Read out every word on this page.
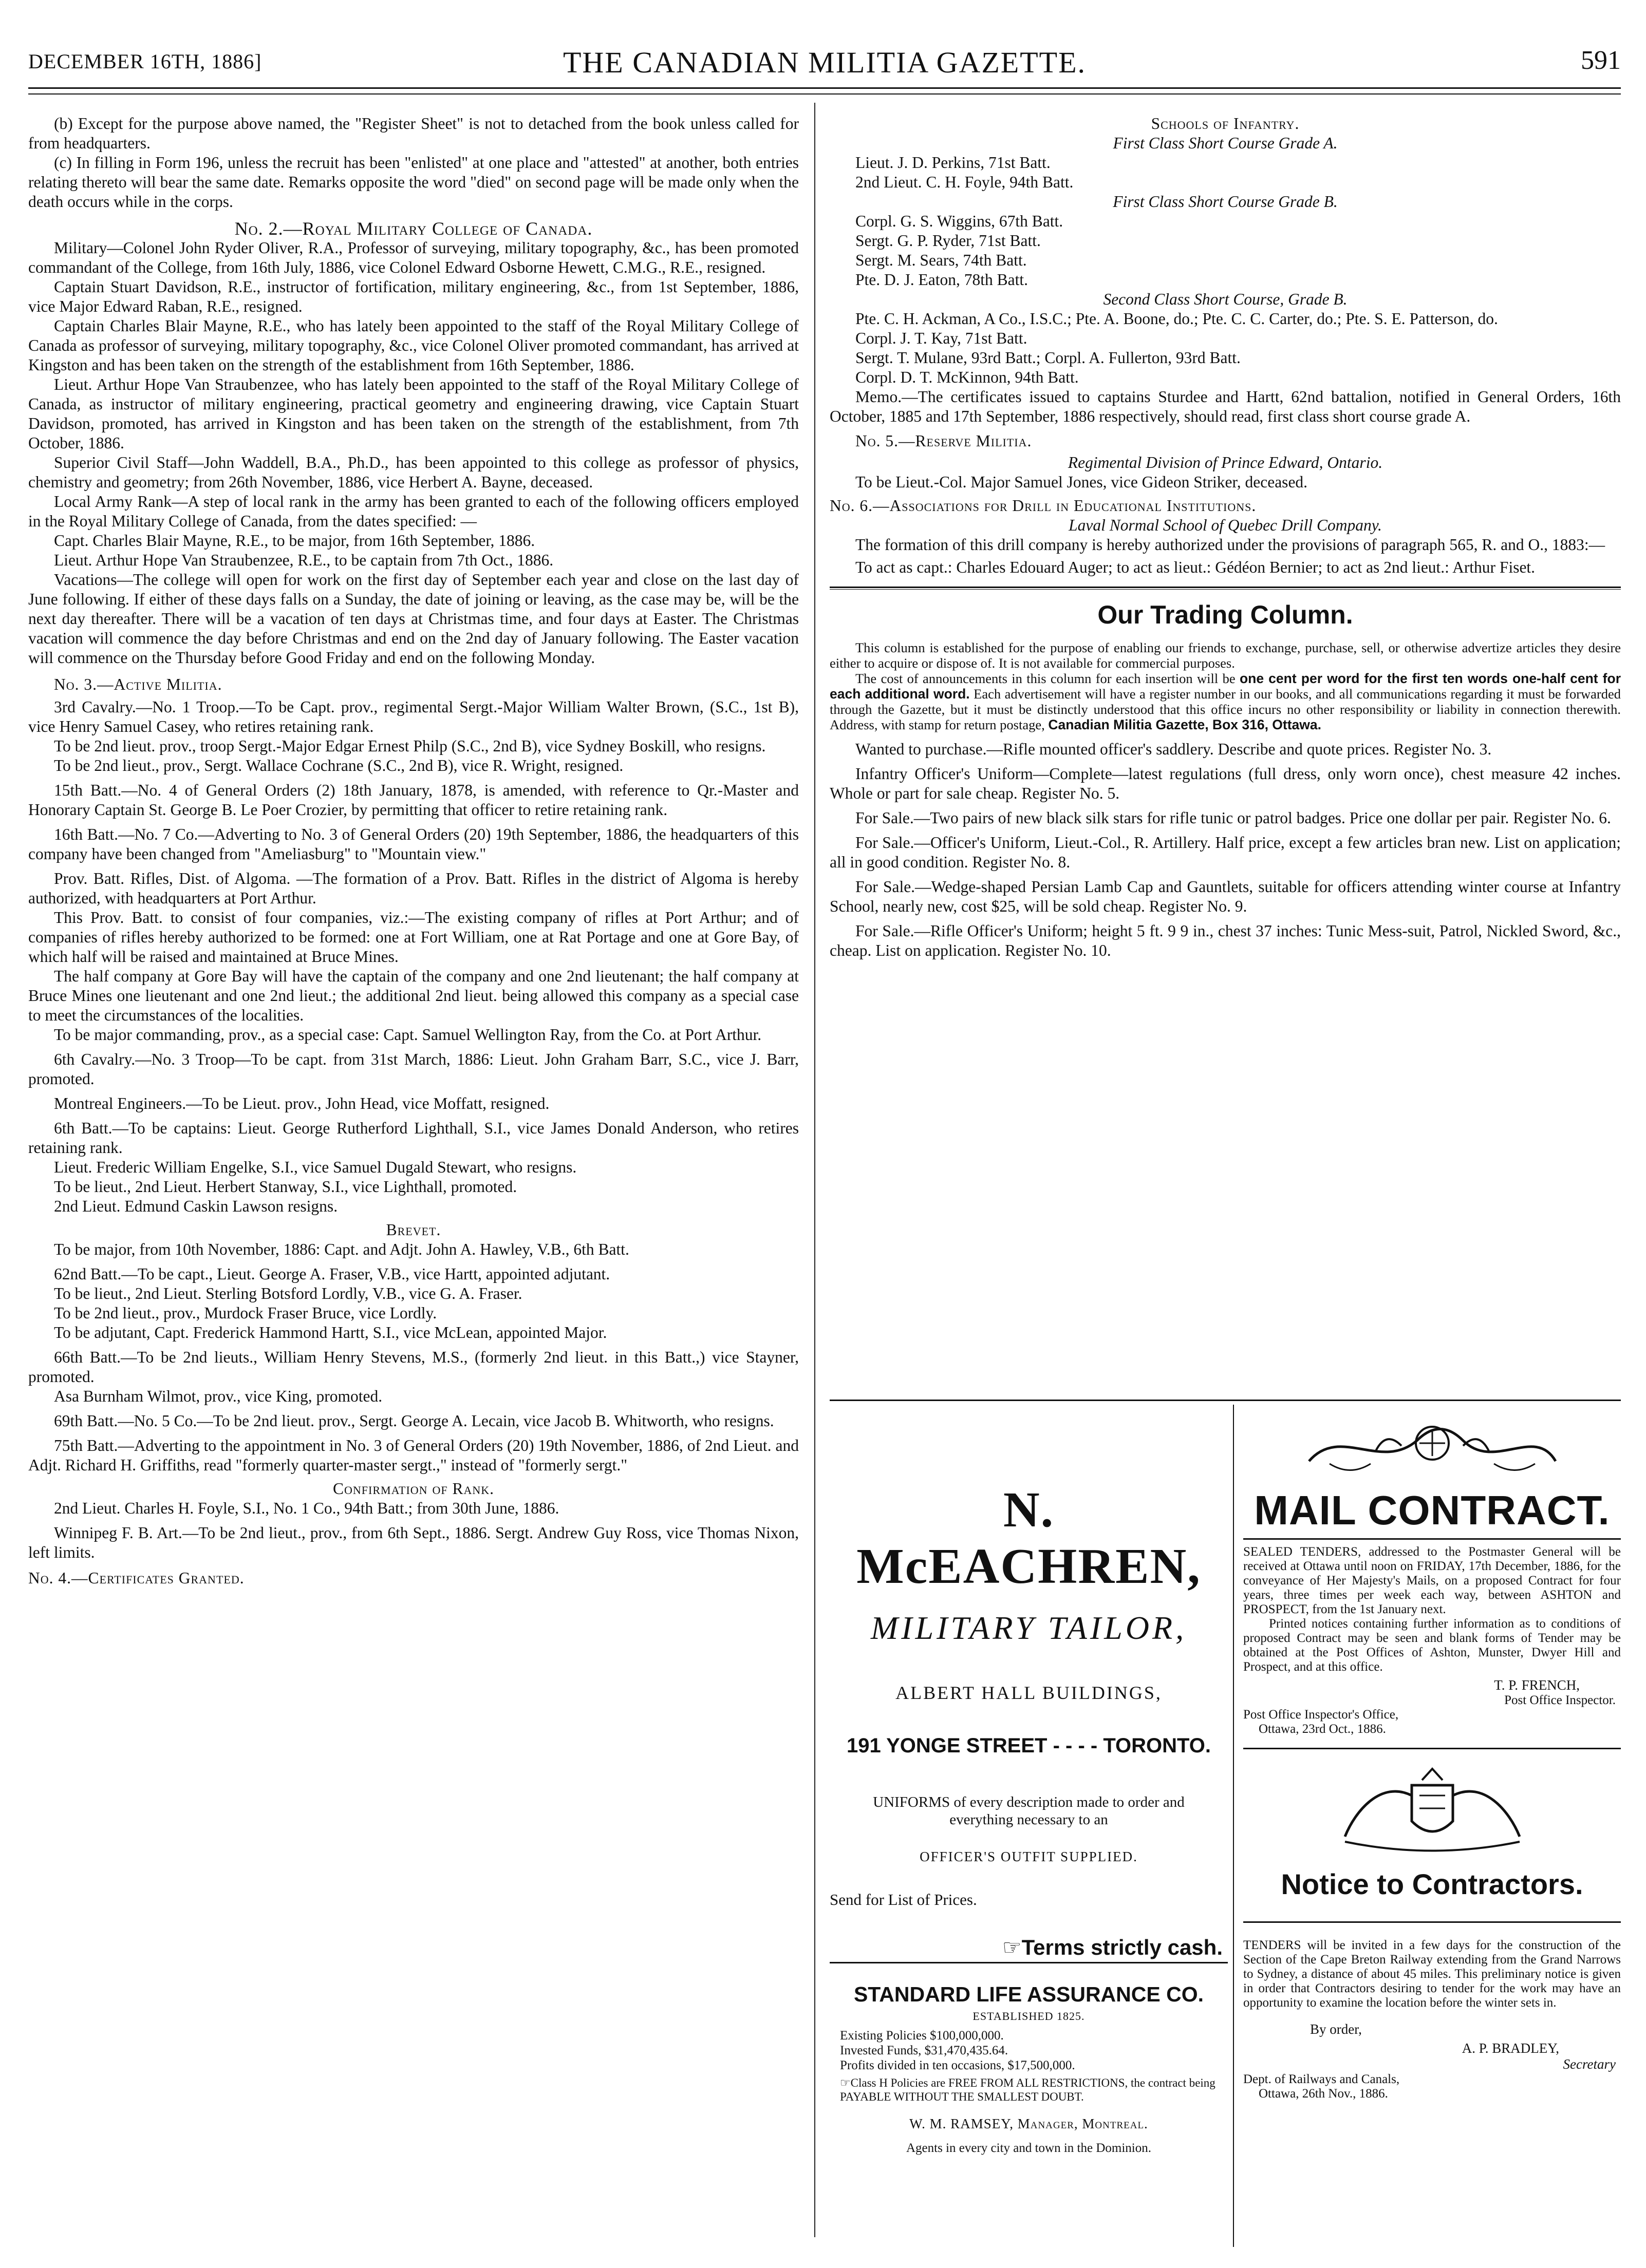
DECEMBER 16TH, 1886]	THE CANADIAN MILITIA GAZETTE.	591

(b) Except for the purpose above named, the "Register Sheet" is not to detached from the book unless called for from headquarters.

(c) In filling in Form 196, unless the recruit has been "enlisted" at one place and "attested" at another, both entries relating thereto will bear the same date. Remarks opposite the word "died" on second page will be made only when the death occurs while in the corps.

No. 2.—Royal Military College of Canada.

Military—Colonel John Ryder Oliver, R.A., Professor of surveying, military topography, &c., has been promoted commandant of the College, from 16th July, 1886, vice Colonel Edward Osborne Hewett, C.M.G., R.E., resigned.

Captain Stuart Davidson, R.E., instructor of fortification, military engineering, &c., from 1st September, 1886, vice Major Edward Raban, R.E., resigned.

Captain Charles Blair Mayne, R.E., who has lately been appointed to the staff of the Royal Military College of Canada as professor of surveying, military topography, &c., vice Colonel Oliver promoted commandant, has arrived at Kingston and has been taken on the strength of the establishment from 16th September, 1886.

Lieut. Arthur Hope Van Straubenzee, who has lately been appointed to the staff of the Royal Military College of Canada, as instructor of military engineering, practical geometry and engineering drawing, vice Captain Stuart Davidson, promoted, has arrived in Kingston and has been taken on the strength of the establishment, from 7th October, 1886.

Superior Civil Staff—John Waddell, B.A., Ph.D., has been appointed to this college as professor of physics, chemistry and geometry; from 26th November, 1886, vice Herbert A. Bayne, deceased.

Local Army Rank—A step of local rank in the army has been granted to each of the following officers employed in the Royal Military College of Canada, from the dates specified: —

Capt. Charles Blair Mayne, R.E., to be major, from 16th September, 1886.

Lieut. Arthur Hope Van Straubenzee, R.E., to be captain from 7th Oct., 1886.

Vacations—The college will open for work on the first day of September each year and close on the last day of June following. If either of these days falls on a Sunday, the date of joining or leaving, as the case may be, will be the next day thereafter. There will be a vacation of ten days at Christmas time, and four days at Easter. The Christmas vacation will commence the day before Christmas and end on the 2nd day of January following. The Easter vacation will commence on the Thursday before Good Friday and end on the following Monday.

No. 3.—Active Militia.

3rd Cavalry.—No. 1 Troop.—To be Capt. prov., regimental Sergt.-Major William Walter Brown, (S.C., 1st B), vice Henry Samuel Casey, who retires retaining rank.

To be 2nd lieut. prov., troop Sergt.-Major Edgar Ernest Philp (S.C., 2nd B), vice Sydney Boskill, who resigns.

To be 2nd lieut., prov., Sergt. Wallace Cochrane (S.C., 2nd B), vice R. Wright, resigned.

15th Batt.—No. 4 of General Orders (2) 18th January, 1878, is amended, with reference to Qr.-Master and Honorary Captain St. George B. Le Poer Crozier, by permitting that officer to retire retaining rank.

16th Batt.—No. 7 Co.—Adverting to No. 3 of General Orders (20) 19th September, 1886, the headquarters of this company have been changed from "Ameliasburg" to "Mountain view."

Prov. Batt. Rifles, Dist. of Algoma. —The formation of a Prov. Batt. Rifles in the district of Algoma is hereby authorized, with headquarters at Port Arthur.

This Prov. Batt. to consist of four companies, viz.:—The existing company of rifles at Port Arthur; and of companies of rifles hereby authorized to be formed: one at Fort William, one at Rat Portage and one at Gore Bay, of which half will be raised and maintained at Bruce Mines.

The half company at Gore Bay will have the captain of the company and one 2nd lieutenant; the half company at Bruce Mines one lieutenant and one 2nd lieut.; the additional 2nd lieut. being allowed this company as a special case to meet the circumstances of the localities.

To be major commanding, prov., as a special case: Capt. Samuel Wellington Ray, from the Co. at Port Arthur.

6th Cavalry.—No. 3 Troop—To be capt. from 31st March, 1886: Lieut. John Graham Barr, S.C., vice J. Barr, promoted.

Montreal Engineers.—To be Lieut. prov., John Head, vice Moffatt, resigned.

6th Batt.—To be captains: Lieut. George Rutherford Lighthall, S.I., vice James Donald Anderson, who retires retaining rank.

Lieut. Frederic William Engelke, S.I., vice Samuel Dugald Stewart, who resigns.

To be lieut., 2nd Lieut. Herbert Stanway, S.I., vice Lighthall, promoted.

2nd Lieut. Edmund Caskin Lawson resigns.

Brevet.

To be major, from 10th November, 1886: Capt. and Adjt. John A. Hawley, V.B., 6th Batt.

62nd Batt.—To be capt., Lieut. George A. Fraser, V.B., vice Hartt, appointed adjutant.

To be lieut., 2nd Lieut. Sterling Botsford Lordly, V.B., vice G. A. Fraser.

To be 2nd lieut., prov., Murdock Fraser Bruce, vice Lordly.

To be adjutant, Capt. Frederick Hammond Hartt, S.I., vice McLean, appointed Major.

66th Batt.—To be 2nd lieuts., William Henry Stevens, M.S., (formerly 2nd lieut. in this Batt.,) vice Stayner, promoted.

Asa Burnham Wilmot, prov., vice King, promoted.

69th Batt.—No. 5 Co.—To be 2nd lieut. prov., Sergt. George A. Lecain, vice Jacob B. Whitworth, who resigns.

75th Batt.—Adverting to the appointment in No. 3 of General Orders (20) 19th November, 1886, of 2nd Lieut. and Adjt. Richard H. Griffiths, read "formerly quarter-master sergt.," instead of "formerly sergt."

Confirmation of Rank.

2nd Lieut. Charles H. Foyle, S.I., No. 1 Co., 94th Batt.; from 30th June, 1886.

Winnipeg F. B. Art.—To be 2nd lieut., prov., from 6th Sept., 1886. Sergt. Andrew Guy Ross, vice Thomas Nixon, left limits.

No. 4.—Certificates Granted.

Schools of Infantry.

First Class Short Course Grade A.

Lieut. J. D. Perkins, 71st Batt.

2nd Lieut. C. H. Foyle, 94th Batt.

First Class Short Course Grade B.

Corpl. G. S. Wiggins, 67th Batt.

Sergt. G. P. Ryder, 71st Batt.

Sergt. M. Sears, 74th Batt.

Pte. D. J. Eaton, 78th Batt.

Second Class Short Course, Grade B.

Pte. C. H. Ackman, A Co., I.S.C.; Pte. A. Boone, do.; Pte. C. C. Carter, do.; Pte. S. E. Patterson, do.

Corpl. J. T. Kay, 71st Batt.

Sergt. T. Mulane, 93rd Batt.; Corpl. A. Fullerton, 93rd Batt.

Corpl. D. T. McKinnon, 94th Batt.

Memo.—The certificates issued to captains Sturdee and Hartt, 62nd battalion, notified in General Orders, 16th October, 1885 and 17th September, 1886 respectively, should read, first class short course grade A.

No. 5.—Reserve Militia.

Regimental Division of Prince Edward, Ontario.

To be Lieut.-Col. Major Samuel Jones, vice Gideon Striker, deceased.

No. 6.—Associations for Drill in Educational Institutions.

Laval Normal School of Quebec Drill Company.

The formation of this drill company is hereby authorized under the provisions of paragraph 565, R. and O., 1883:—

To act as capt.: Charles Edouard Auger; to act as lieut.: Gédéon Bernier; to act as 2nd lieut.: Arthur Fiset.

Our Trading Column.

This column is established for the purpose of enabling our friends to exchange, purchase, sell, or otherwise advertize articles they desire either to acquire or dispose of. It is not available for commercial purposes.

The cost of announcements in this column for each insertion will be one cent per word for the first ten words one-half cent for each additional word. Each advertisement will have a register number in our books, and all communications regarding it must be forwarded through the Gazette, but it must be distinctly understood that this office incurs no other responsibility or liability in connection therewith. Address, with stamp for return postage, Canadian Militia Gazette, Box 316, Ottawa.

Wanted to purchase.—Rifle mounted officer's saddlery. Describe and quote prices. Register No. 3.

Infantry Officer's Uniform—Complete—latest regulations (full dress, only worn once), chest measure 42 inches. Whole or part for sale cheap. Register No. 5.

For Sale.—Two pairs of new black silk stars for rifle tunic or patrol badges. Price one dollar per pair. Register No. 6.

For Sale.—Officer's Uniform, Lieut.-Col., R. Artillery. Half price, except a few articles bran new. List on application; all in good condition. Register No. 8.

For Sale.—Wedge-shaped Persian Lamb Cap and Gauntlets, suitable for officers attending winter course at Infantry School, nearly new, cost $25, will be sold cheap. Register No. 9.

For Sale.—Rifle Officer's Uniform; height 5 ft. 9 9 in., chest 37 inches: Tunic Mess-suit, Patrol, Nickled Sword, &c., cheap. List on application. Register No. 10.

N. McEACHREN,

MILITARY TAILOR,

ALBERT HALL BUILDINGS,

191 YONGE STREET - - - - TORONTO.

UNIFORMS of every description made to order and everything necessary to an

OFFICER'S OUTFIT SUPPLIED.

Send for List of Prices.

☞Terms strictly cash.

STANDARD LIFE ASSURANCE CO.

ESTABLISHED 1825.

Existing Policies $100,000,000.

Invested Funds, $31,470,435.64.

Profits divided in ten occasions, $17,500,000.

☞Class H Policies are FREE FROM ALL RESTRICTIONS, the contract being PAYABLE WITHOUT THE SMALLEST DOUBT.

W. M. RAMSEY, Manager, Montreal.

Agents in every city and town in the Dominion.

MAIL CONTRACT.

SEALED TENDERS, addressed to the Postmaster General will be received at Ottawa until noon on FRIDAY, 17th December, 1886, for the conveyance of Her Majesty's Mails, on a proposed Contract for four years, three times per week each way, between ASHTON and PROSPECT, from the 1st January next.

Printed notices containing further information as to conditions of proposed Contract may be seen and blank forms of Tender may be obtained at the Post Offices of Ashton, Munster, Dwyer Hill and Prospect, and at this office.

T. P. FRENCH,

Post Office Inspector.

Post Office Inspector's Office,

Ottawa, 23rd Oct., 1886.

Notice to Contractors.

TENDERS will be invited in a few days for the construction of the Section of the Cape Breton Railway extending from the Grand Narrows to Sydney, a distance of about 45 miles. This preliminary notice is given in order that Contractors desiring to tender for the work may have an opportunity to examine the location before the winter sets in.

By order,

A. P. BRADLEY,

Secretary

Dept. of Railways and Canals,

Ottawa, 26th Nov., 1886.
